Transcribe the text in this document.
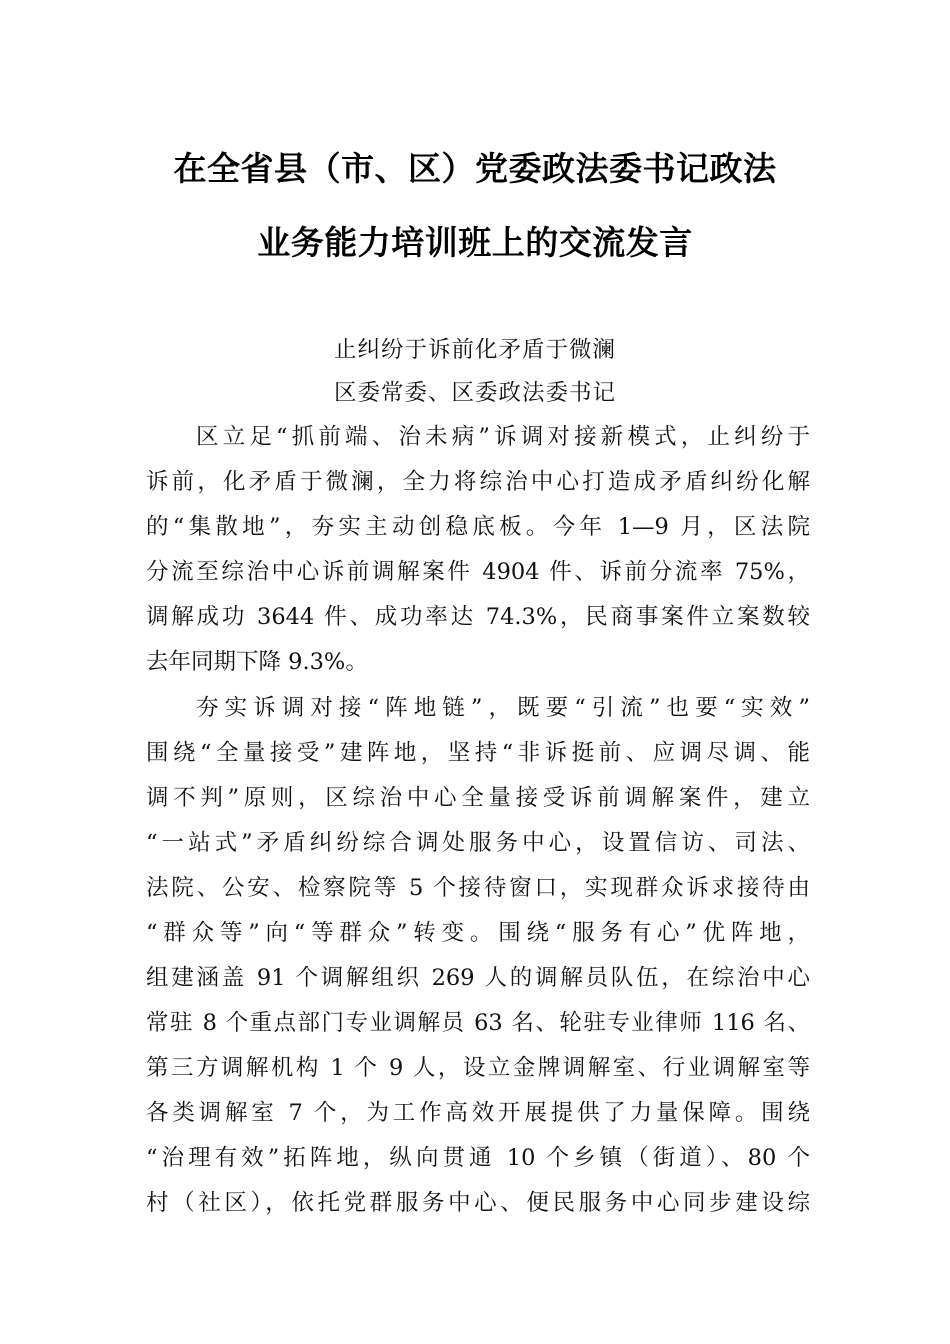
在全省县（市、区）党委政法委书记政法
业务能力培训班上的交流发言
止纠纷于诉前化矛盾于微澜
区委常委、区委政法委书记
区立足“抓前端、治未病”诉调对接新模式，止纠纷于
诉前，化矛盾于微澜，全力将综治中心打造成矛盾纠纷化解
的“集散地”，夯实主动创稳底板。今年 1—9 月，区法院
分流至综治中心诉前调解案件 4904 件、诉前分流率 75%，
调解成功 3644 件、成功率达 74.3%，民商事案件立案数较
去年同期下降 9.3%。
夯实诉调对接“阵地链”，既要“引流”也要“实效”
围绕“全量接受”建阵地，坚持“非诉挺前、应调尽调、能
调不判”原则，区综治中心全量接受诉前调解案件，建立
“一站式”矛盾纠纷综合调处服务中心，设置信访、司法、
法院、公安、检察院等 5 个接待窗口，实现群众诉求接待由
“群众等”向“等群众”转变。围绕“服务有心”优阵地，
组建涵盖 91 个调解组织 269 人的调解员队伍，在综治中心
常驻 8 个重点部门专业调解员 63 名、轮驻专业律师 116 名、
第三方调解机构 1 个 9 人，设立金牌调解室、行业调解室等
各类调解室 7 个，为工作高效开展提供了力量保障。围绕
“治理有效”拓阵地，纵向贯通 10 个乡镇（街道）、80 个
村（社区），依托党群服务中心、便民服务中心同步建设综
